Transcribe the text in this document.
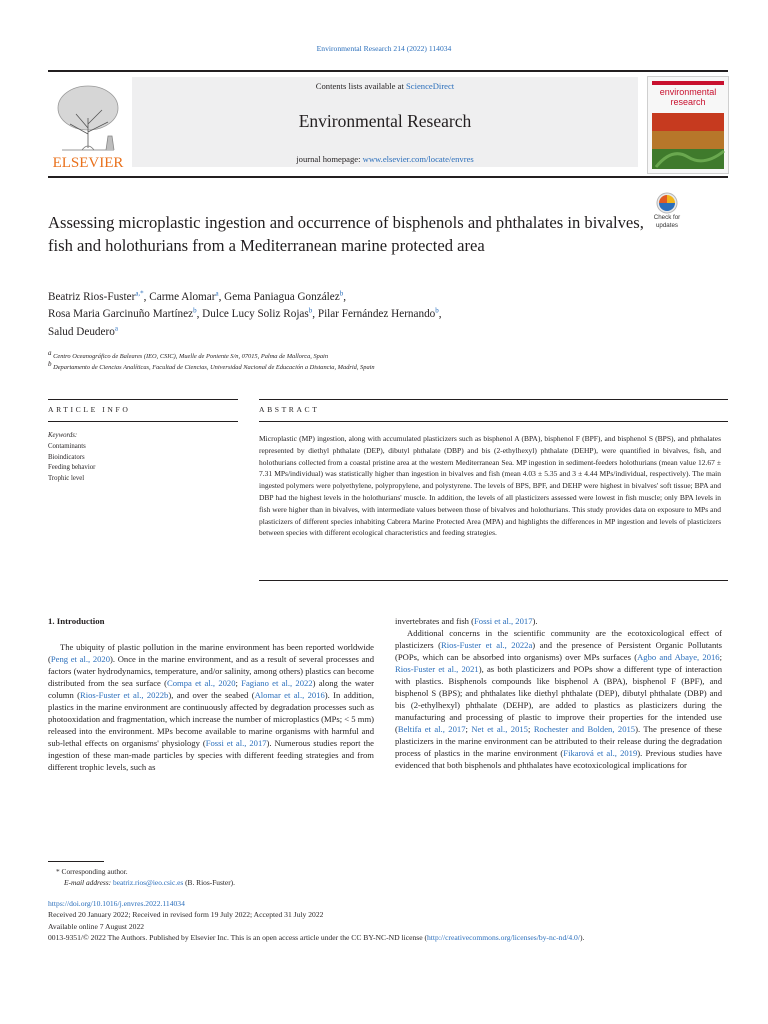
Environmental Research 214 (2022) 114034
ELSEVIER
Contents lists available at ScienceDirect
Environmental Research
journal homepage: www.elsevier.com/locate/envres
environmental
research
Check for
updates
Assessing microplastic ingestion and occurrence of bisphenols and phthalates in bivalves, fish and holothurians from a Mediterranean marine protected area
Beatriz Rios-Fuster$^{a,*}$, Carme Alomar$^a$, Gema Paniagua González$^b$,
Rosa Maria Garcinuño Martínez$^b$, Dulce Lucy Soliz Rojas$^b$, Pilar Fernández Hernando$^b$,
Salud Deudero$^a$
$^a$ Centro Oceanográfico de Baleares (IEO, CSIC), Muelle de Poniente S/n, 07015, Palma de Mallorca, Spain
$^b$ Departamento de Ciencias Analíticas, Facultad de Ciencias, Universidad Nacional de Educación a Distancia, Madrid, Spain
ARTICLE INFO	ABSTRACT
Keywords:
Contaminants
Bioindicators
Feeding behavior
Trophic level
Microplastic (MP) ingestion, along with accumulated plasticizers such as bisphenol A (BPA), bisphenol F (BPF), and bisphenol S (BPS), and phthalates represented by diethyl phthalate (DEP), dibutyl phthalate (DBP) and bis (2-ethylhexyl) phthalate (DEHP), were quantified in bivalves, fish, and holothurians collected from a coastal pristine area at the western Mediterranean Sea. MP ingestion in sediment-feeders holothurians (mean value 12.67 ± 7.31 MPs/individual) was statistically higher than ingestion in bivalves and fish (mean 4.03 ± 5.35 and 3 ± 4.44 MPs/individual, respectively). The main ingested polymers were polyethylene, polypropylene, and polystyrene. The levels of BPS, BPF, and DEHP were highest in bivalves' soft tissue; BPA and DBP had the highest levels in the holothurians' muscle. In addition, the levels of all plasticizers assessed were lowest in fish muscle; only BPA levels in fish were higher than in bivalves, with intermediate values between those of bivalves and holothurians. This study provides data on exposure to MPs and plasticizers of different species inhabiting Cabrera Marine Protected Area (MPA) and highlights the differences in MP ingestion and levels of plasticizers between species with different ecological characteristics and feeding strategies.
1. Introduction

The ubiquity of plastic pollution in the marine environment has been reported worldwide (Peng et al., 2020). Once in the marine environment, and as a result of several processes and factors (water hydrodynamics, temperature, and/or salinity, among others) plastics can become distributed from the sea surface (Compa et al., 2020; Fagiano et al., 2022) along the water column (Rios-Fuster et al., 2022b), and over the seabed (Alomar et al., 2016). In addition, plastics in the marine environment are continuously affected by degradation processes such as photooxidation and fragmentation, which increase the number of microplastics (MPs; < 5 mm) released into the environment. MPs become available to marine organisms with harmful and sub-lethal effects on organisms' physiology (Fossi et al., 2017). Numerous studies report the ingestion of these man-made particles by species with different feeding strategies and from different trophic levels, such as

invertebrates and fish (Fossi et al., 2017).

Additional concerns in the scientific community are the ecotoxicological effect of plasticizers (Rios-Fuster et al., 2022a) and the presence of Persistent Organic Pollutants (POPs, which can be absorbed into organisms) over MPs surfaces (Agbo and Abaye, 2016; Rios-Fuster et al., 2021), as both plasticizers and POPs show a different type of interaction with plastics. Bisphenols compounds like bisphenol A (BPA), bisphenol F (BPF), and bisphenol S (BPS); and phthalates like diethyl phthalate (DEP), dibutyl phthalate (DBP) and bis (2-ethylhexyl) phthalate (DEHP), are added to plastics as plasticizers during the manufacturing and processing of plastic to improve their properties for the intended use (Beltifa et al., 2017; Net et al., 2015; Rochester and Bolden, 2015). The presence of these plasticizers in the marine environment can be attributed to their release during the degradation process of plastics in the marine environment (Fikarová et al., 2019). Previous studies have evidenced that both bisphenols and phthalates have ecotoxicological implications for

* Corresponding author.
E-mail address: beatriz.rios@ieo.csic.es (B. Rios-Fuster).
https://doi.org/10.1016/j.envres.2022.114034
Received 20 January 2022; Received in revised form 19 July 2022; Accepted 31 July 2022
Available online 7 August 2022
0013-9351/© 2022 The Authors. Published by Elsevier Inc. This is an open access article under the CC BY-NC-ND license (http://creativecommons.org/licenses/by-nc-nd/4.0/).
